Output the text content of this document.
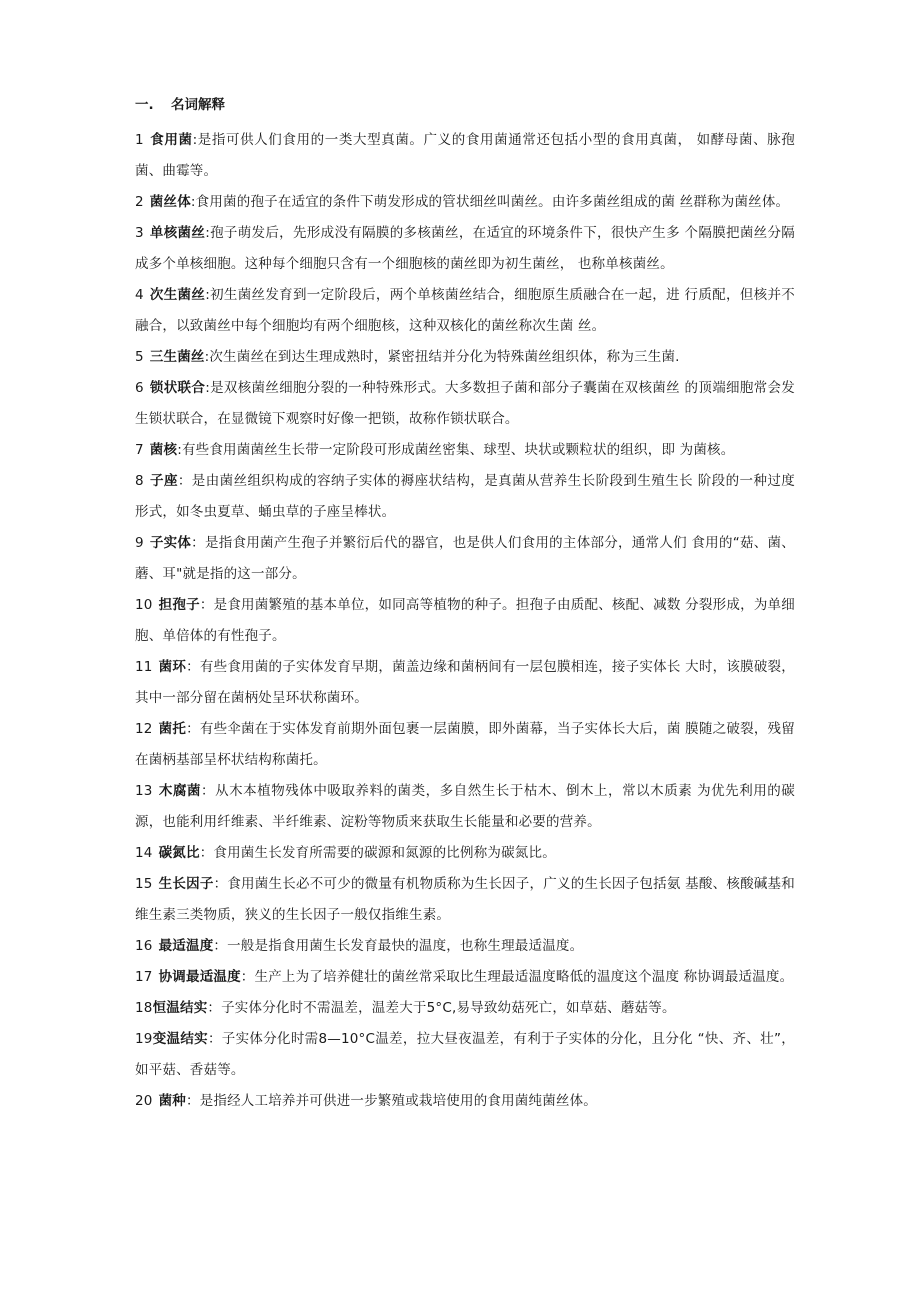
一. 名词解释
1 食用菌:是指可供人们食用的一类大型真菌。广义的食用菌通常还包括小型的食用真菌， 如酵母菌、脉孢菌、曲霉等。
2 菌丝体:食用菌的孢子在适宜的条件下萌发形成的管状细丝叫菌丝。由许多菌丝组成的菌 丝群称为菌丝体。
3 单核菌丝:孢子萌发后，先形成没有隔膜的多核菌丝，在适宜的环境条件下，很快产生多 个隔膜把菌丝分隔成多个单核细胞。这种每个细胞只含有一个细胞核的菌丝即为初生菌丝， 也称单核菌丝。
4 次生菌丝:初生菌丝发育到一定阶段后，两个单核菌丝结合，细胞原生质融合在一起，进 行质配，但核并不融合，以致菌丝中每个细胞均有两个细胞核，这种双核化的菌丝称次生菌 丝。
5 三生菌丝:次生菌丝在到达生理成熟时，紧密扭结并分化为特殊菌丝组织体，称为三生菌.
6 锁状联合:是双核菌丝细胞分裂的一种特殊形式。大多数担子菌和部分子囊菌在双核菌丝 的顶端细胞常会发生锁状联合，在显微镜下观察时好像一把锁，故称作锁状联合。
7 菌核:有些食用菌菌丝生长带一定阶段可形成菌丝密集、球型、块状或颗粒状的组织，即 为菌核。
8 子座：是由菌丝组织构成的容纳子实体的褥座状结构，是真菌从营养生长阶段到生殖生长 阶段的一种过度形式，如冬虫夏草、蛹虫草的子座呈棒状。
9 子实体：是指食用菌产生孢子并繁衍后代的器官，也是供人们食用的主体部分，通常人们 食用的“菇、菌、蘑、耳"就是指的这一部分。
10 担孢子：是食用菌繁殖的基本单位，如同高等植物的种子。担孢子由质配、核配、减数 分裂形成，为单细胞、单倍体的有性孢子。
11 菌环：有些食用菌的子实体发育早期，菌盖边缘和菌柄间有一层包膜相连，接子实体长 大时，该膜破裂，其中一部分留在菌柄处呈环状称菌环。
12 菌托：有些伞菌在于实体发育前期外面包裹一层菌膜，即外菌幕，当子实体长大后，菌 膜随之破裂，残留在菌柄基部呈杯状结构称菌托。
13 木腐菌：从木本植物残体中吸取养料的菌类，多自然生长于枯木、倒木上，常以木质素 为优先利用的碳源，也能利用纤维素、半纤维素、淀粉等物质来获取生长能量和必要的营养。
14 碳氮比：食用菌生长发育所需要的碳源和氮源的比例称为碳氮比。
15 生长因子：食用菌生长必不可少的微量有机物质称为生长因子，广义的生长因子包括氨 基酸、核酸碱基和维生素三类物质，狭义的生长因子一般仅指维生素。
16 最适温度：一般是指食用菌生长发育最快的温度，也称生理最适温度。
17 协调最适温度：生产上为了培养健壮的菌丝常采取比生理最适温度略低的温度这个温度 称协调最适温度。
18恒温结实：子实体分化时不需温差，温差大于5°C,易导致幼菇死亡，如草菇、蘑菇等。
19变温结实：子实体分化时需8—10°C温差，拉大昼夜温差，有利于子实体的分化，且分化 “快、齐、壮”，如平菇、香菇等。
20 菌种：是指经人工培养并可供进一步繁殖或栽培使用的食用菌纯菌丝体。
